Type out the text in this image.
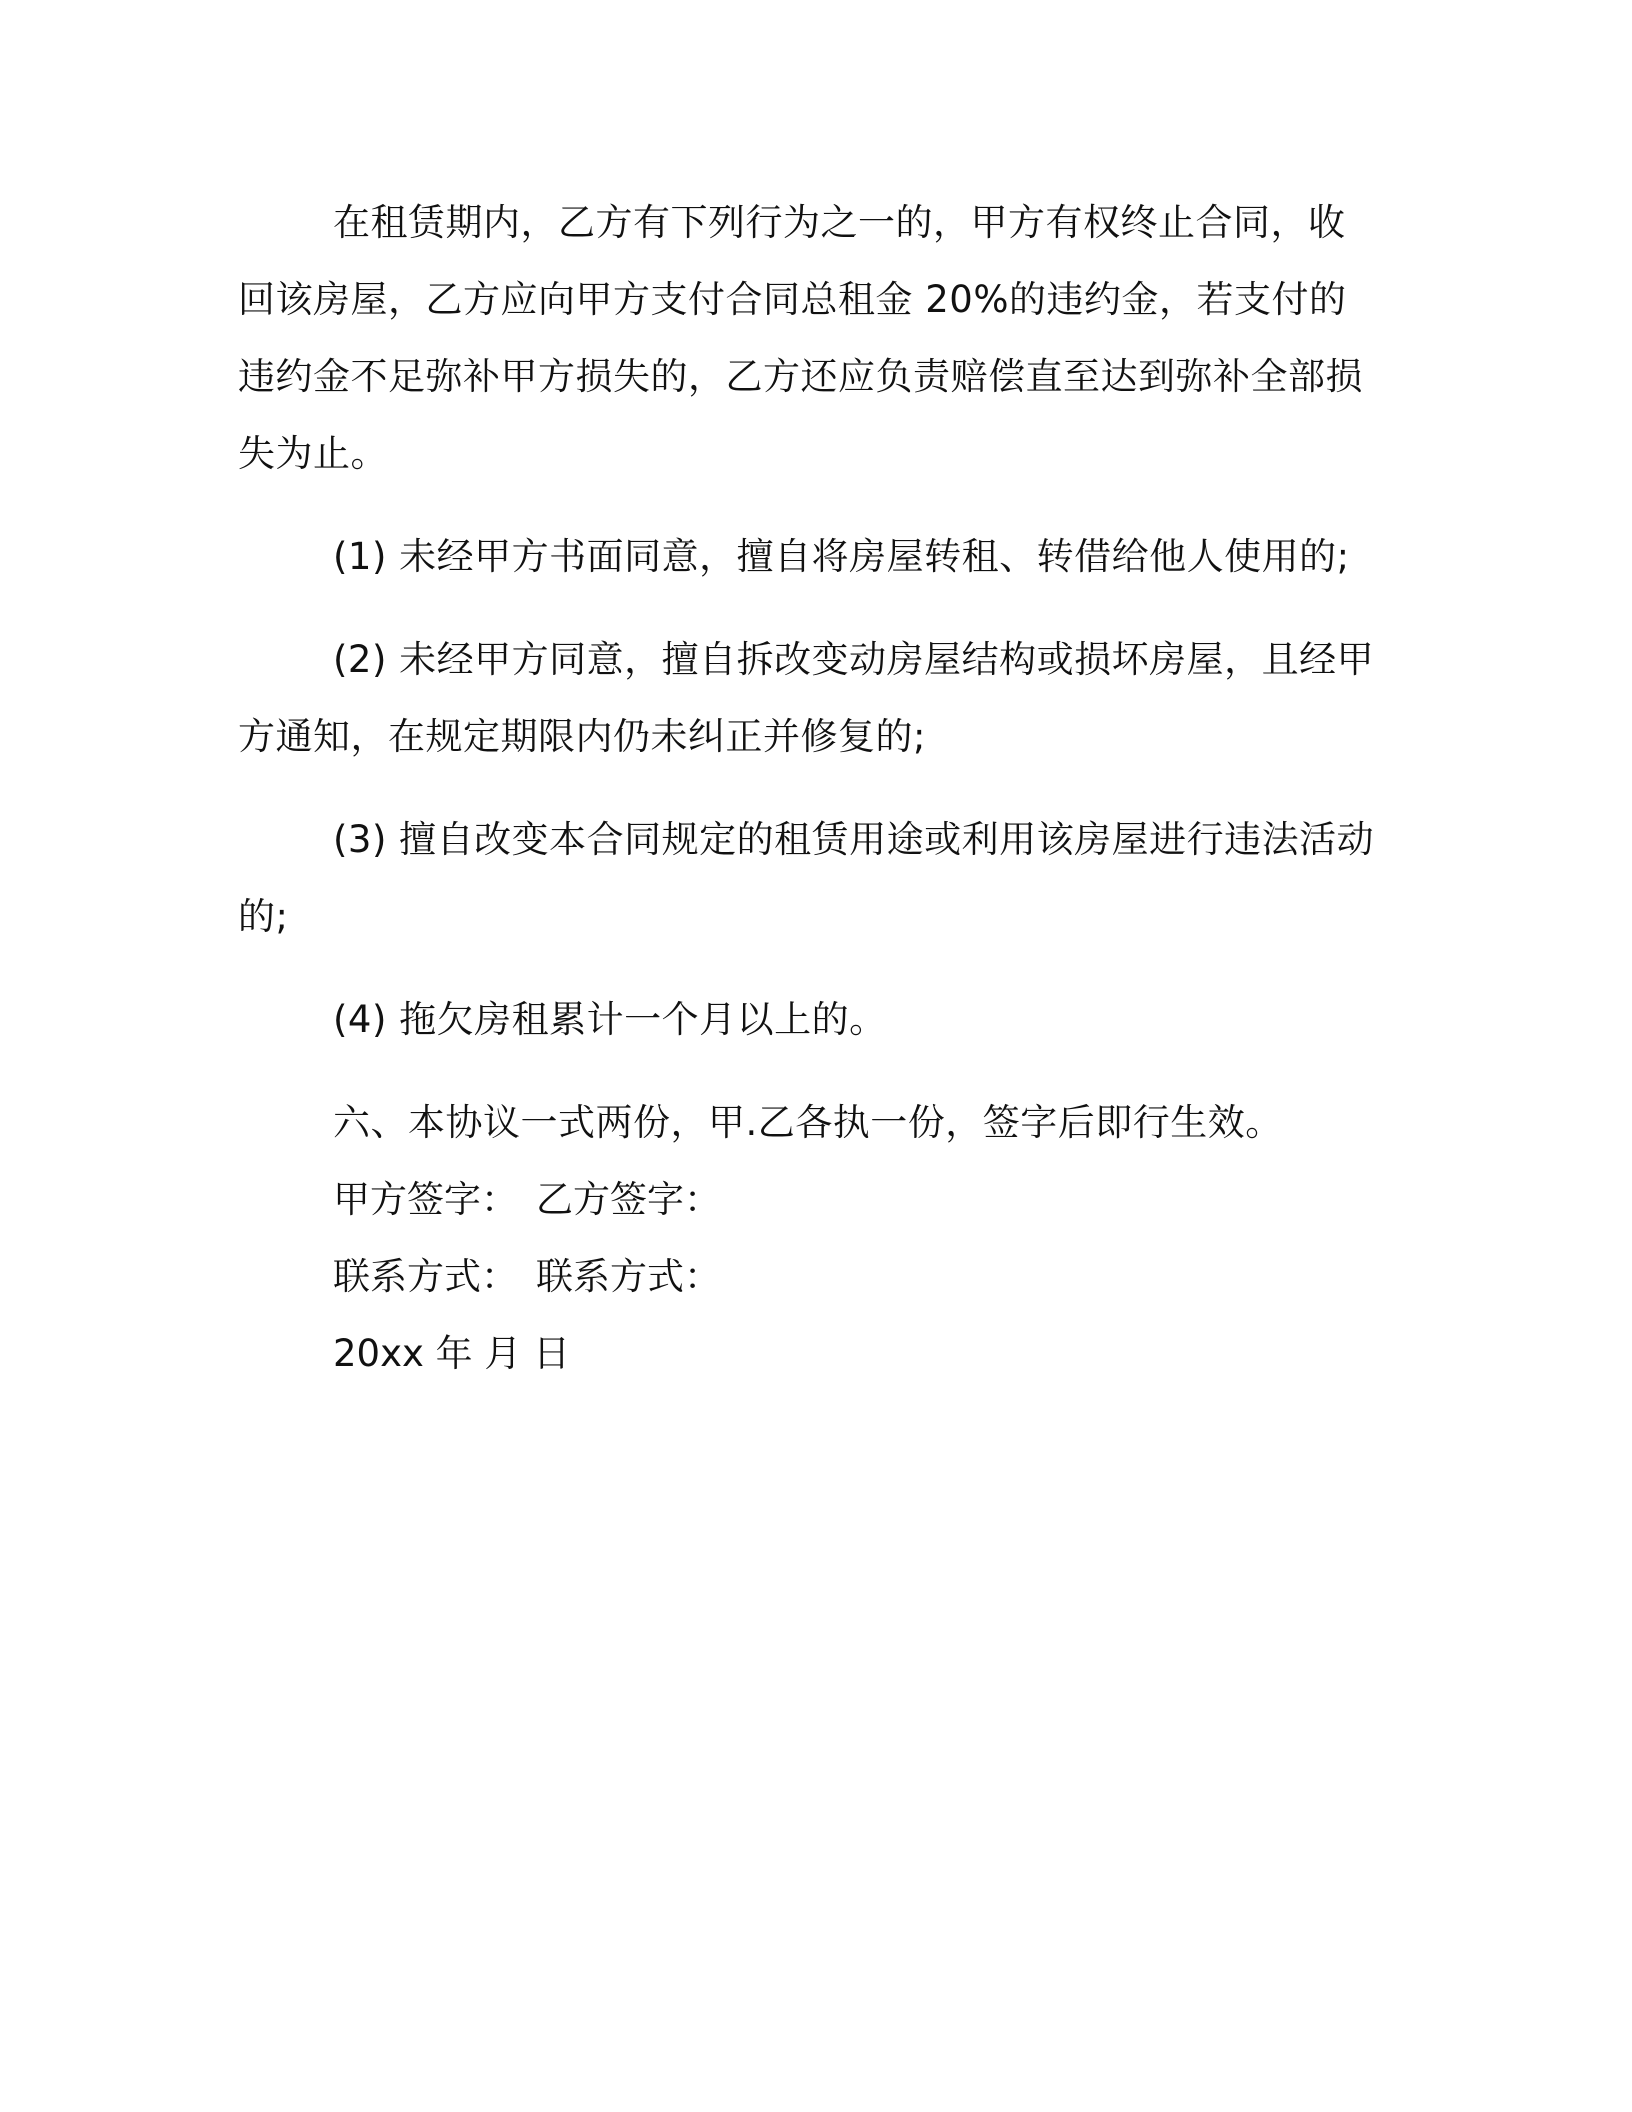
在租赁期内，乙方有下列行为之一的，甲方有权终止合同，收回该房屋，乙方应向甲方支付合同总租金 20%的违约金，若支付的违约金不足弥补甲方损失的，乙方还应负责赔偿直至达到弥补全部损失为止。

(1) 未经甲方书面同意，擅自将房屋转租、转借给他人使用的;

(2) 未经甲方同意，擅自拆改变动房屋结构或损坏房屋，且经甲方通知，在规定期限内仍未纠正并修复的;

(3) 擅自改变本合同规定的租赁用途或利用该房屋进行违法活动的;

(4) 拖欠房租累计一个月以上的。

六、本协议一式两份，甲.乙各执一份，签字后即行生效。

甲方签字： 乙方签字：

联系方式： 联系方式：

20xx 年 月 日
